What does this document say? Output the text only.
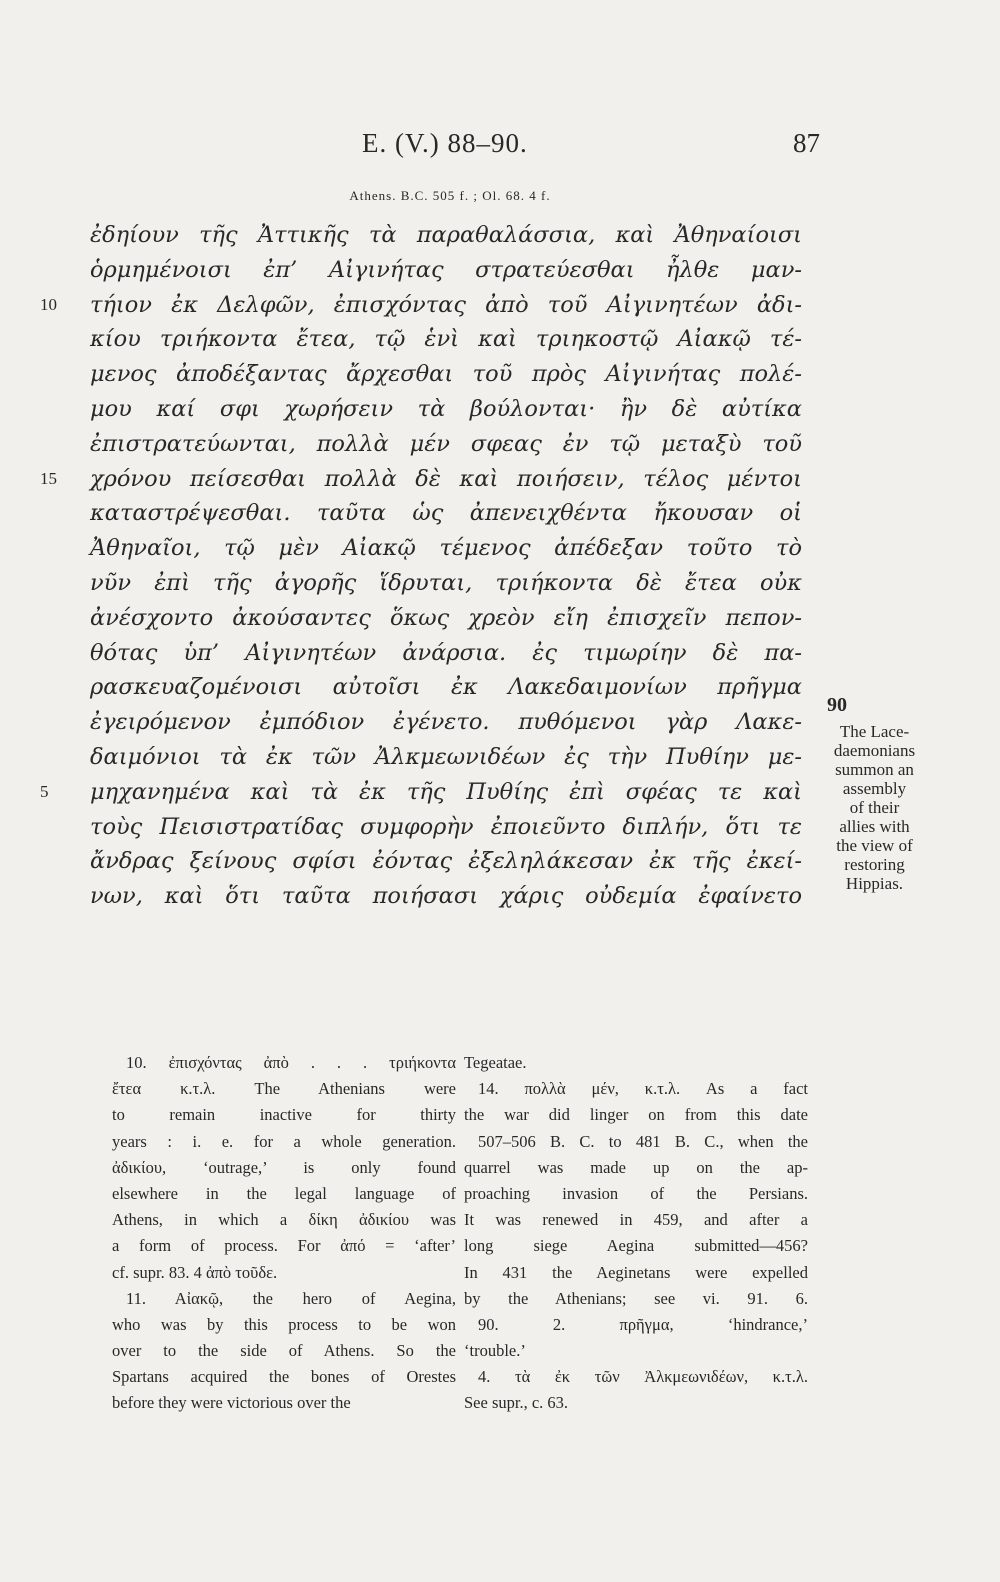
E. (V.) 88–90.	87
Athens. B.C. 505 f. ; Ol. 68. 4 f.
ἐδηίουν τῆς Ἀττικῆς τὰ παραθαλάσσια, καὶ Ἀθηναίοισι
ὁρμημένοισι ἐπ’ Αἰγινήτας στρατεύεσθαι ἦλθε μαν-
10	τήιον ἐκ Δελφῶν, ἐπισχόντας ἀπὸ τοῦ Αἰγινητέων ἀδι-
κίου τριήκοντα ἔτεα, τῷ ἑνὶ καὶ τριηκοστῷ Αἰακῷ τέ-
μενος ἀποδέξαντας ἄρχεσθαι τοῦ πρὸς Αἰγινήτας πολέ-
μου καί σφι χωρήσειν τὰ βούλονται· ἢν δὲ αὐτίκα
ἐπιστρατεύωνται, πολλὰ μέν σφεας ἐν τῷ μεταξὺ τοῦ
15	χρόνου πείσεσθαι πολλὰ δὲ καὶ ποιήσειν, τέλος μέντοι
καταστρέψεσθαι. ταῦτα ὡς ἀπενειχθέντα ἤκουσαν οἱ
Ἀθηναῖοι, τῷ μὲν Αἰακῷ τέμενος ἀπέδεξαν τοῦτο τὸ
νῦν ἐπὶ τῆς ἀγορῆς ἵδρυται, τριήκοντα δὲ ἔτεα οὐκ
ἀνέσχοντο ἀκούσαντες ὅκως χρεὸν εἴη ἐπισχεῖν πεπον-
θότας ὑπ’ Αἰγινητέων ἀνάρσια. ἐς τιμωρίην δὲ πα-
ρασκευαζομένοισι αὐτοῖσι ἐκ Λακεδαιμονίων πρῆγμα
ἐγειρόμενον ἐμπόδιον ἐγένετο. πυθόμενοι γὰρ Λακε-
δαιμόνιοι τὰ ἐκ τῶν Ἀλκμεωνιδέων ἐς τὴν Πυθίην με-
5	μηχανημένα καὶ τὰ ἐκ τῆς Πυθίης ἐπὶ σφέας τε καὶ
τοὺς Πεισιστρατίδας συμφορὴν ἐποιεῦντο διπλήν, ὅτι τε
ἄνδρας ξείνους σφίσι ἐόντας ἐξεληλάκεσαν ἐκ τῆς ἐκεί-
νων, καὶ ὅτι ταῦτα ποιήσασι χάρις οὐδεμία ἐφαίνετο
90
The Lace-
daemonians
summon an
assembly
of their
allies with
the view of
restoring
Hippias.
10. ἐπισχόντας ἀπὸ . . . τριήκοντα
ἔτεα κ.τ.λ. The Athenians were
to remain inactive for thirty
years : i. e. for a whole generation.
ἀδικίου, ‘outrage,’ is only found
elsewhere in the legal language of
Athens, in which a δίκη ἀδικίου was
a form of process. For ἀπό = ‘after’
cf. supr. 83. 4 ἀπὸ τοῦδε.
11. Αἰακῷ, the hero of Aegina,
who was by this process to be won
over to the side of Athens. So the
Spartans acquired the bones of Orestes
before they were victorious over the
Tegeatae.
14. πολλὰ μέν, κ.τ.λ. As a fact
the war did linger on from this date
507–506 B. C. to 481 B. C., when the
quarrel was made up on the ap-
proaching invasion of the Persians.
It was renewed in 459, and after a
long siege Aegina submitted—456?
In 431 the Aeginetans were expelled
by the Athenians; see vi. 91. 6.
90. 2. πρῆγμα, ‘hindrance,’
‘trouble.’
4. τὰ ἐκ τῶν Ἀλκμεωνιδέων, κ.τ.λ.
See supr., c. 63.
